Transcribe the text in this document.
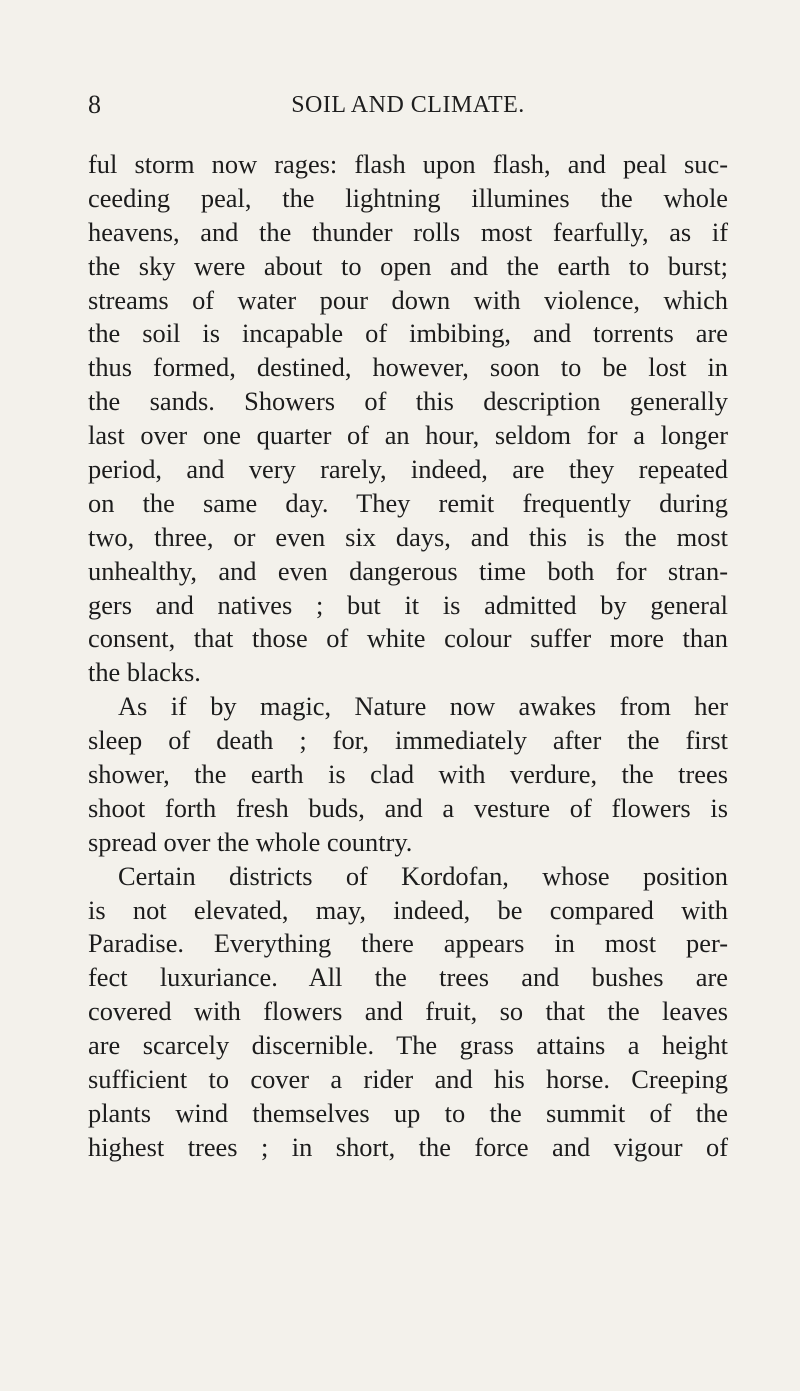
8	SOIL AND CLIMATE.
ful storm now rages: flash upon flash, and peal suc-
ceeding peal, the lightning illumines the whole
heavens, and the thunder rolls most fearfully, as if
the sky were about to open and the earth to burst;
streams of water pour down with violence, which
the soil is incapable of imbibing, and torrents are
thus formed, destined, however, soon to be lost in
the sands. Showers of this description generally
last over one quarter of an hour, seldom for a longer
period, and very rarely, indeed, are they repeated
on the same day. They remit frequently during
two, three, or even six days, and this is the most
unhealthy, and even dangerous time both for stran-
gers and natives ; but it is admitted by general
consent, that those of white colour suffer more than
the blacks.
As if by magic, Nature now awakes from her
sleep of death ; for, immediately after the first
shower, the earth is clad with verdure, the trees
shoot forth fresh buds, and a vesture of flowers is
spread over the whole country.
Certain districts of Kordofan, whose position
is not elevated, may, indeed, be compared with
Paradise. Everything there appears in most per-
fect luxuriance. All the trees and bushes are
covered with flowers and fruit, so that the leaves
are scarcely discernible. The grass attains a height
sufficient to cover a rider and his horse. Creeping
plants wind themselves up to the summit of the
highest trees ; in short, the force and vigour of
